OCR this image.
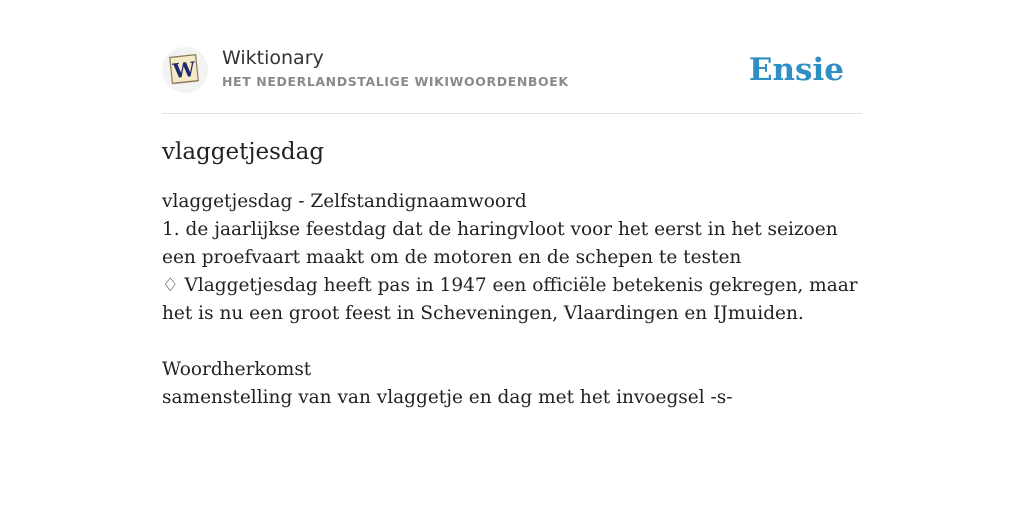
W Wiktionary
HET NEDERLANDSTALIGE WIKIWOORDENBOEK	Ensie
vlaggetjesdag
vlaggetjesdag - Zelfstandignaamwoord
1. de jaarlijkse feestdag dat de haringvloot voor het eerst in het seizoen een proefvaart maakt om de motoren en de schepen te testen
♢ Vlaggetjesdag heeft pas in 1947 een officiële betekenis gekregen, maar het is nu een groot feest in Scheveningen, Vlaardingen en IJmuiden.
Woordherkomst
samenstelling van van vlaggetje en dag met het invoegsel -s-
